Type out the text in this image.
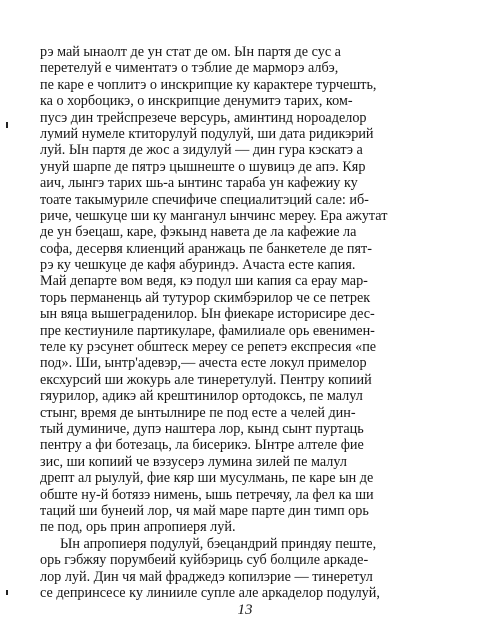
рэ май ынаолт де ун стат де ом. Ын партя де сус а
перетелуй е чиментатэ о тэблие де марморэ албэ,
пе каре е чоплитэ о инскрипцие ку карактере турчешть,
ка о хорбоцикэ, о инскрипцие денумитэ тарих, ком-
пусэ дин трейспрезече версурь, аминтинд нороаделор
лумий нумеле ктиторулуй подулуй, ши дата ридикэрий
луй. Ын партя де жос а зидулуй — дин гура кэскатэ а
унуй шарпе де пятрэ цышнеште о шувицэ де апэ. Кяр
аич, лынгэ тарих шь-а ынтинс тараба ун кафежиу ку
тоате такымуриле спечифиче специалитэций сале: иб-
риче, чешкуце ши ку манганул ынчинс мереу. Ера ажутат
де ун бэецаш, каре, фэкынд навета де ла кафежие ла
софа, десервя клиенций аранжаць пе банкетеле де пят-
рэ ку чешкуце де кафя абуриндэ. Ачаста есте капия.
Май департе вом ведя, кэ подул ши капия са ерау мар-
торь перманенць ай тутурор скимбэрилор че се петрек
ын вяца вышеграденилор. Ын фиекаре историсире дес-
пре кестиуниле партикуларе, фамилиале орь евенимен-
теле ку рэсунет обштеск мереу се репетэ експресия «пе
под». Ши, ынтр'адевэр,— ачеста есте локул примелор
ексхурсий ши жокурь але тинеретулуй. Пентру копиий
гяурилор, адикэ ай крештинилор ортодоксь, пе малул
стынг, время де ынтылнире пе под есте а челей дин-
тый думиниче, дупэ наштера лор, кынд сынт пуртаць
пентру а фи ботезаць, ла бисерикэ. Ынтре алтеле фие
зис, ши копиий че вэзусерэ лумина зилей пе малул
дрепт ал рыулуй, фие кяр ши мусулмань, пе каре ын де
обште ну-й ботязэ нимень, ышь петречяу, ла фел ка ши
таций ши бунеий лор, чя май маре парте дин тимп орь
пе под, орь прин апропиеря луй.
Ын апропиеря подулуй, бэецандрий приндяу пеште,
орь гэбжяу порумбеий куйбэриць суб болциле аркаде-
лор луй. Дин чя май фраджедэ копилэрие — тинеретул
се депринсесе ку линииле супле але аркаделор подулуй,
13
